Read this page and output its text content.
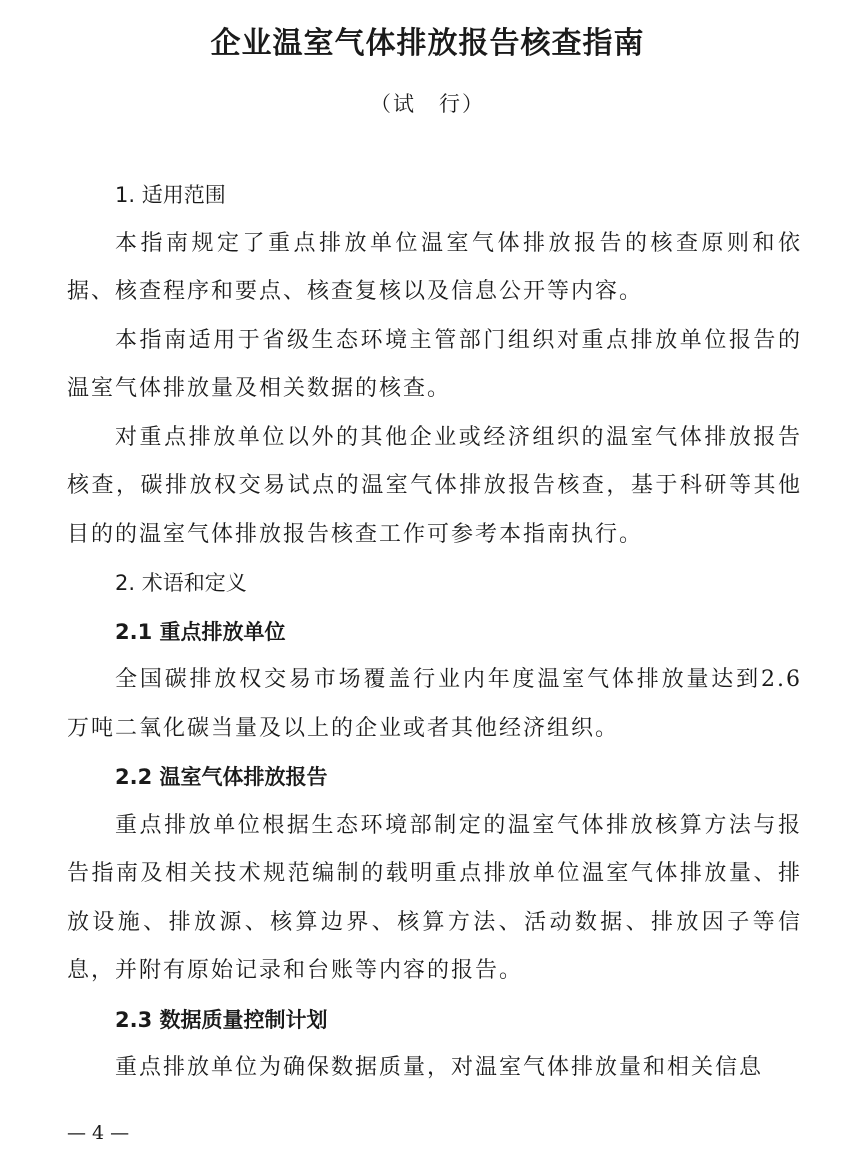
企业温室气体排放报告核查指南

（试　行）

1. 适用范围

本指南规定了重点排放单位温室气体排放报告的核查原则和依据、核查程序和要点、核查复核以及信息公开等内容。

本指南适用于省级生态环境主管部门组织对重点排放单位报告的温室气体排放量及相关数据的核查。

对重点排放单位以外的其他企业或经济组织的温室气体排放报告核查，碳排放权交易试点的温室气体排放报告核查，基于科研等其他目的的温室气体排放报告核查工作可参考本指南执行。

2. 术语和定义

2.1 重点排放单位

全国碳排放权交易市场覆盖行业内年度温室气体排放量达到2.6 万吨二氧化碳当量及以上的企业或者其他经济组织。

2.2 温室气体排放报告

重点排放单位根据生态环境部制定的温室气体排放核算方法与报告指南及相关技术规范编制的载明重点排放单位温室气体排放量、排放设施、排放源、核算边界、核算方法、活动数据、排放因子等信息，并附有原始记录和台账等内容的报告。

2.3 数据质量控制计划

重点排放单位为确保数据质量，对温室气体排放量和相关信息

— 4 —
